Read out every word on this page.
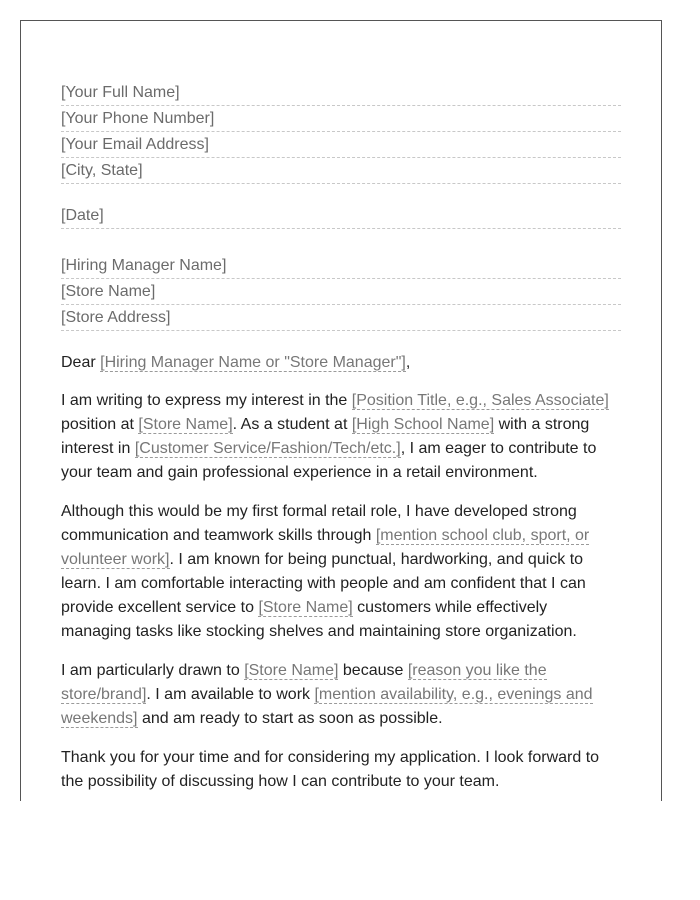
[Your Full Name]
[Your Phone Number]
[Your Email Address]
[City, State]
[Date]
[Hiring Manager Name]
[Store Name]
[Store Address]
Dear [Hiring Manager Name or "Store Manager"],

I am writing to express my interest in the [Position Title, e.g., Sales Associate] position at [Store Name]. As a student at [High School Name] with a strong interest in [Customer Service/Fashion/Tech/etc.], I am eager to contribute to your team and gain professional experience in a retail environment.

Although this would be my first formal retail role, I have developed strong communication and teamwork skills through [mention school club, sport, or volunteer work]. I am known for being punctual, hardworking, and quick to learn. I am comfortable interacting with people and am confident that I can provide excellent service to [Store Name] customers while effectively managing tasks like stocking shelves and maintaining store organization.

I am particularly drawn to [Store Name] because [reason you like the store/brand]. I am available to work [mention availability, e.g., evenings and weekends] and am ready to start as soon as possible.

Thank you for your time and for considering my application. I look forward to the possibility of discussing how I can contribute to your team.
